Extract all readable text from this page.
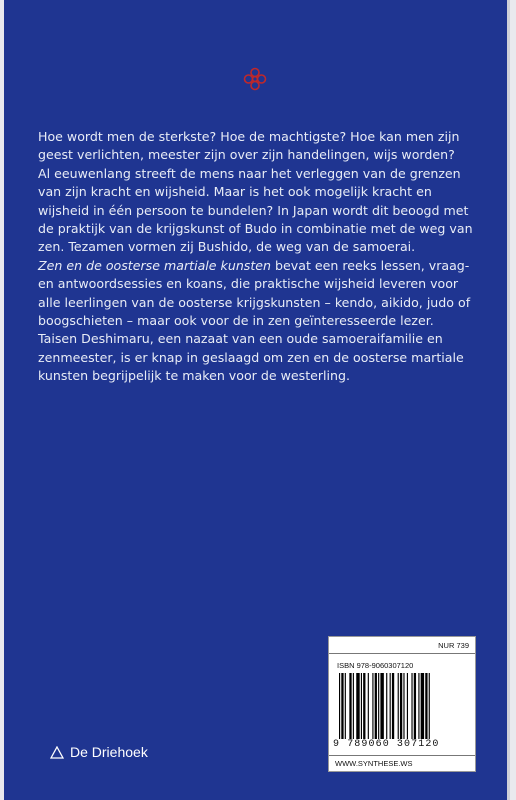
Hoe wordt men de sterkste? Hoe de machtigste? Hoe kan men zijn geest verlichten, meester zijn over zijn handelingen, wijs worden?

Al eeuwenlang streeft de mens naar het verleggen van de grenzen van zijn kracht en wijsheid. Maar is het ook mogelijk kracht en wijsheid in één persoon te bundelen? In Japan wordt dit beoogd met de praktijk van de krijgskunst of Budo in combinatie met de weg van zen. Tezamen vormen zij Bushido, de weg van de samoerai.

Zen en de oosterse martiale kunsten bevat een reeks lessen, vraag- en antwoordsessies en koans, die praktische wijsheid leveren voor alle leerlingen van de oosterse krijgskunsten – kendo, aikido, judo of boogschieten – maar ook voor de in zen geïnteresseerde lezer.

Taisen Deshimaru, een nazaat van een oude samoeraifamilie en zenmeester, is er knap in geslaagd om zen en de oosterse martiale kunsten begrijpelijk te maken voor de westerling.

NUR 739
ISBN 978-9060307120
9 789060 307120
WWW.SYNTHESE.WS
De Driehoek
